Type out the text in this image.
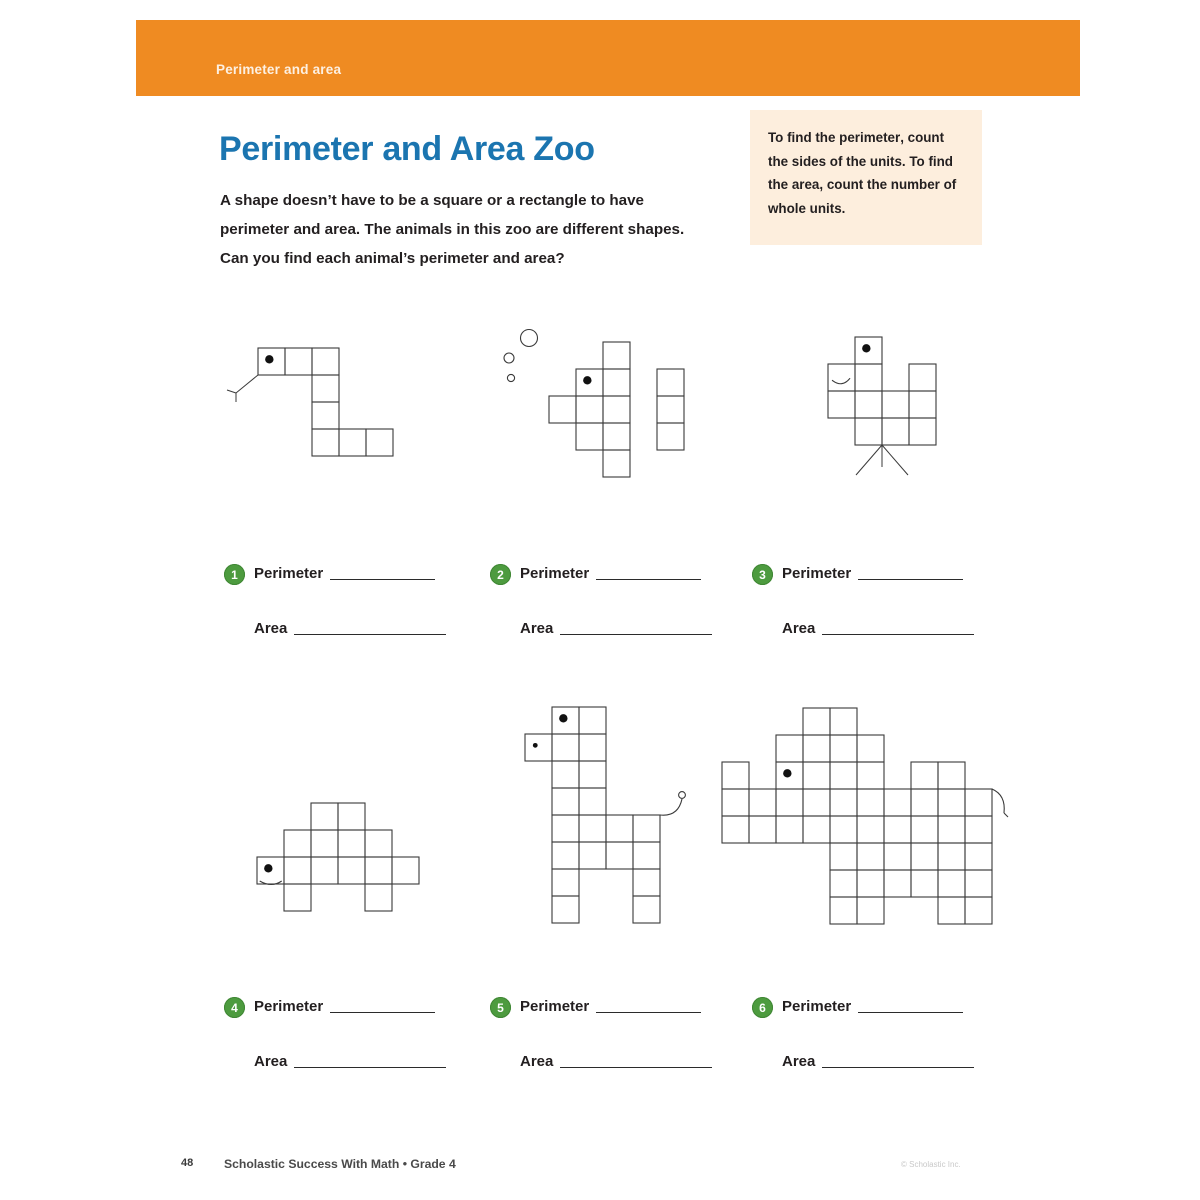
Perimeter and area
Perimeter and Area Zoo
A shape doesn’t have to be a square or a rectangle to have perimeter and area. The animals in this zoo are different shapes. Can you find each animal’s perimeter and area?
To find the perimeter, count the sides of the units. To find the area, count the number of whole units.
1	Perimeter
Area
2	Perimeter
Area
3	Perimeter
Area
4	Perimeter
Area
5	Perimeter
Area
6	Perimeter
Area
48	Scholastic Success With Math • Grade 4	© Scholastic Inc.
